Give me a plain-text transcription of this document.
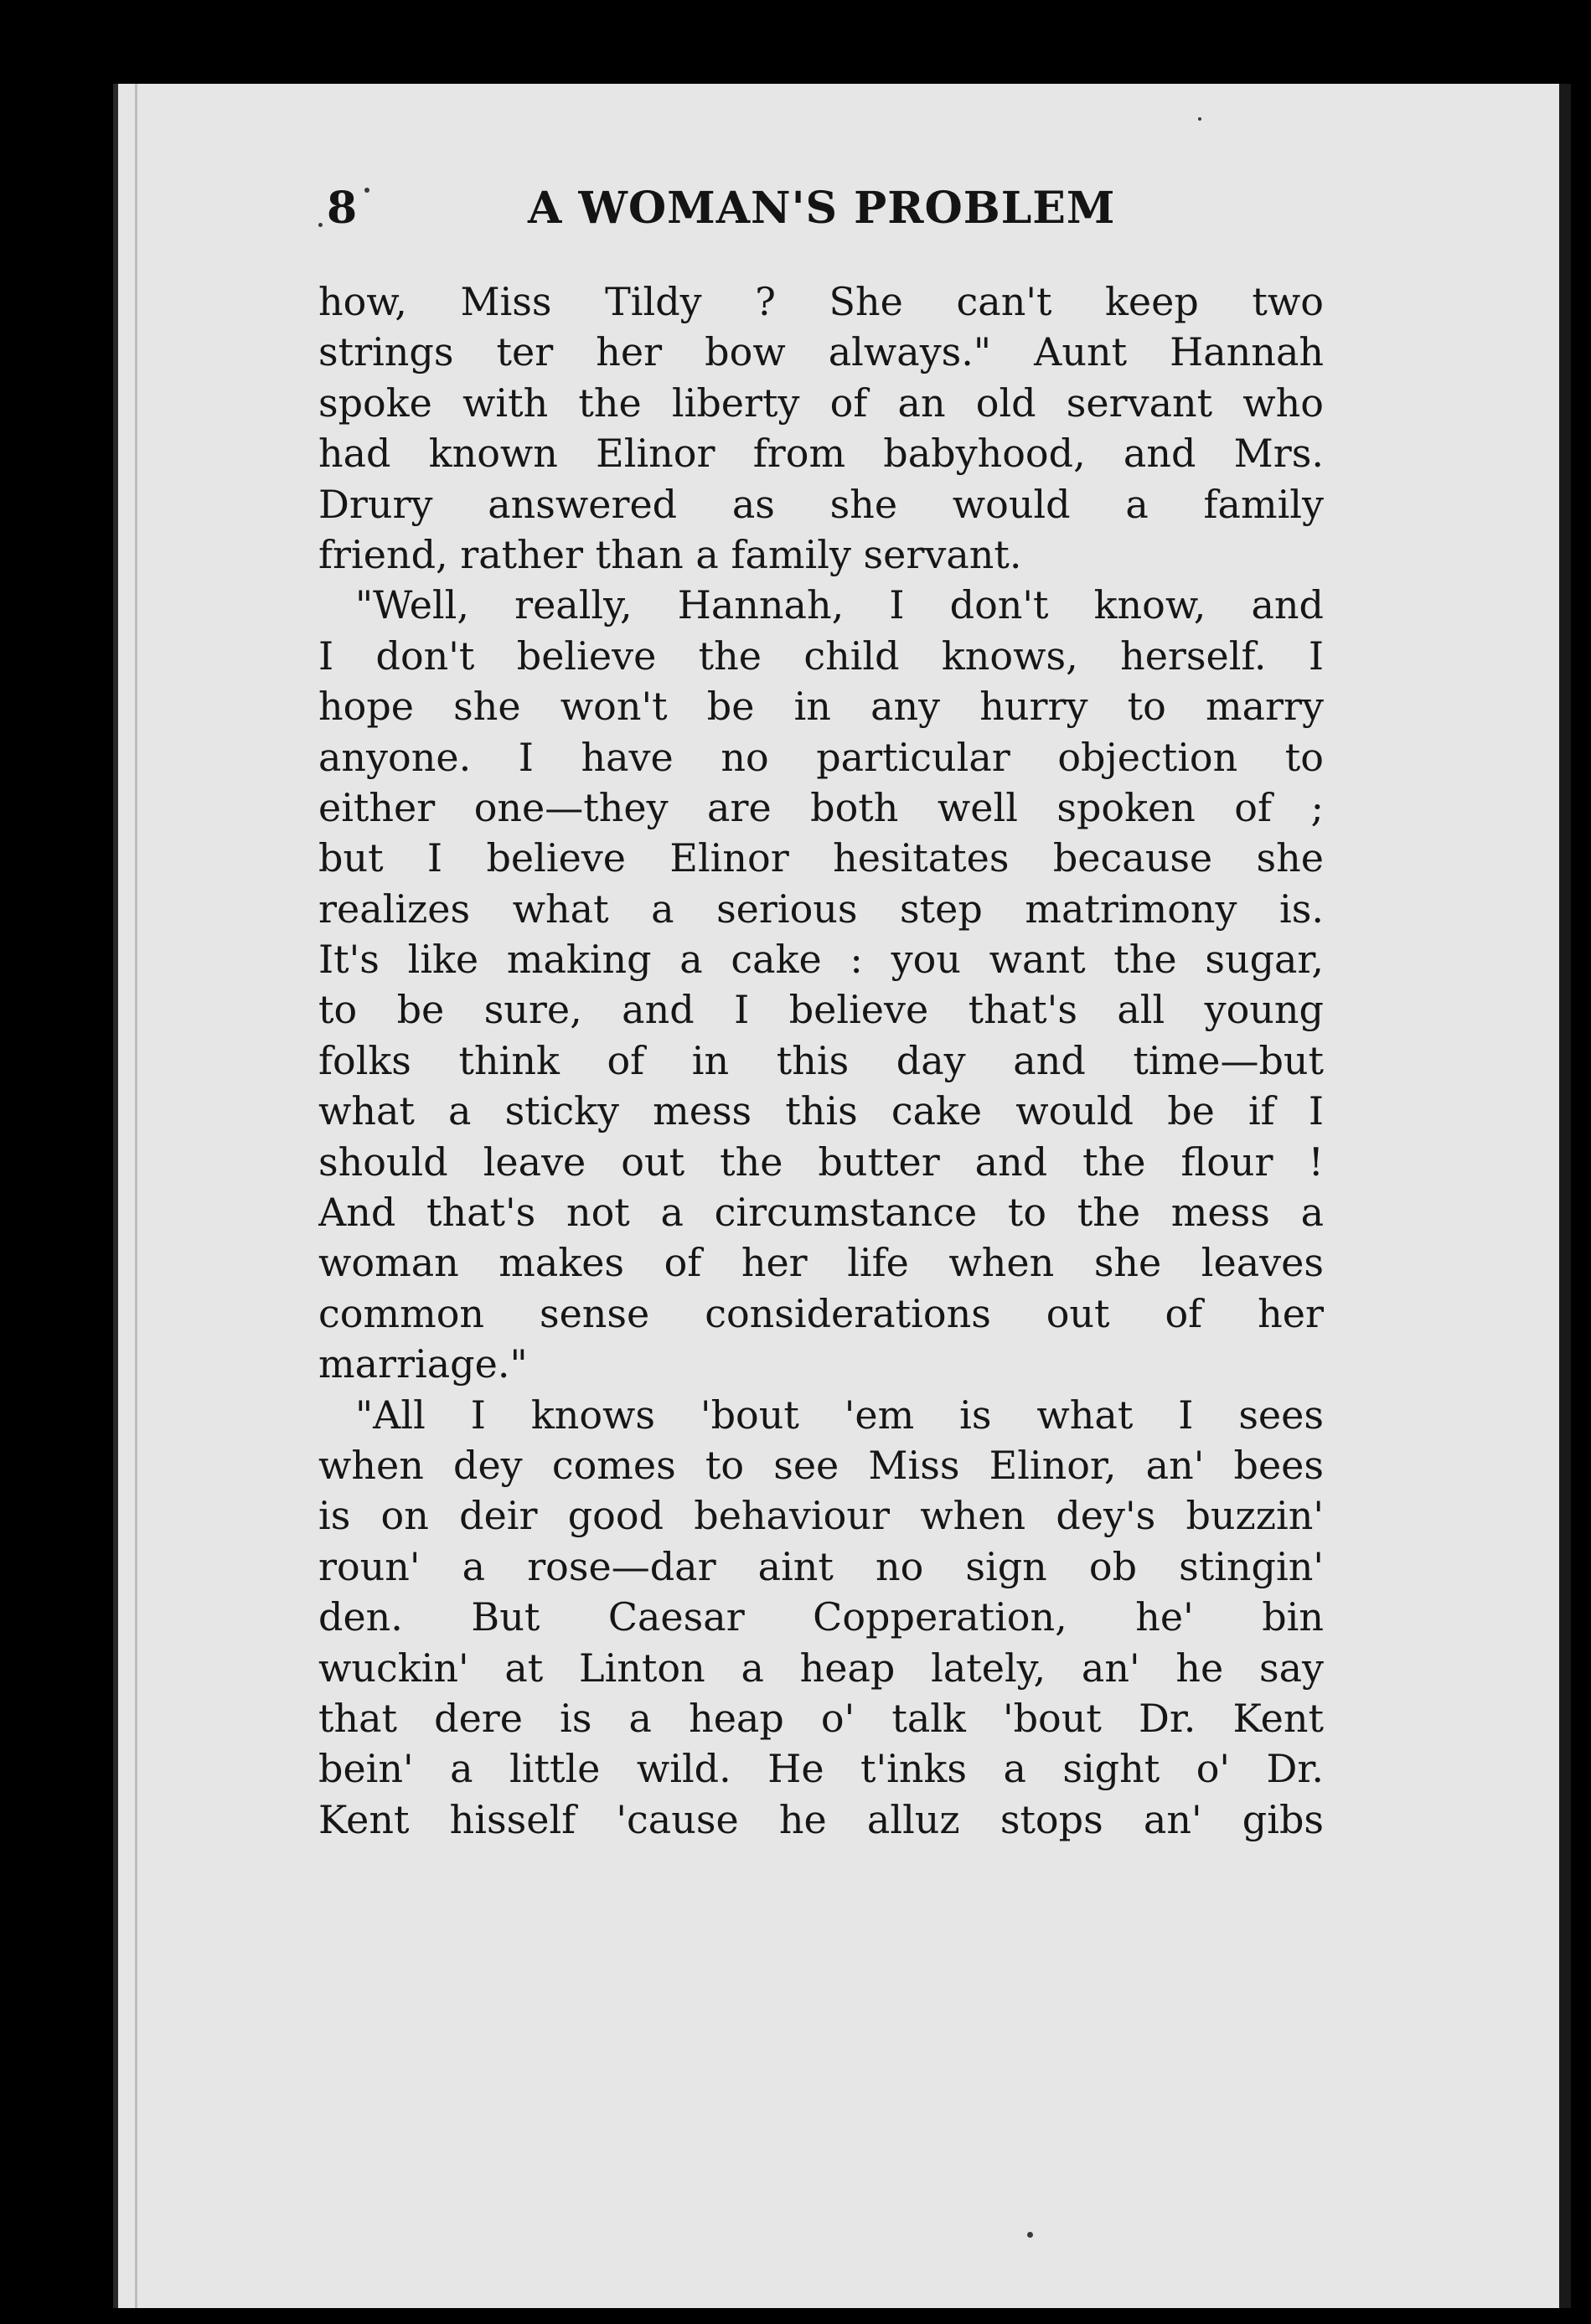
8	A WOMAN'S PROBLEM
how, Miss Tildy ? She can't keep two
strings ter her bow always." Aunt Hannah
spoke with the liberty of an old servant who
had known Elinor from babyhood, and Mrs.
Drury answered as she would a family
friend, rather than a family servant.
"Well, really, Hannah, I don't know, and
I don't believe the child knows, herself. I
hope she won't be in any hurry to marry
anyone. I have no particular objection to
either one—they are both well spoken of ;
but I believe Elinor hesitates because she
realizes what a serious step matrimony is.
It's like making a cake : you want the sugar,
to be sure, and I believe that's all young
folks think of in this day and time—but
what a sticky mess this cake would be if I
should leave out the butter and the flour !
And that's not a circumstance to the mess a
woman makes of her life when she leaves
common sense considerations out of her
marriage."
"All I knows 'bout 'em is what I sees
when dey comes to see Miss Elinor, an' bees
is on deir good behaviour when dey's buzzin'
roun' a rose—dar aint no sign ob stingin'
den. But Caesar Copperation, he' bin
wuckin' at Linton a heap lately, an' he say
that dere is a heap o' talk 'bout Dr. Kent
bein' a little wild. He t'inks a sight o' Dr.
Kent hisself 'cause he alluz stops an' gibs
